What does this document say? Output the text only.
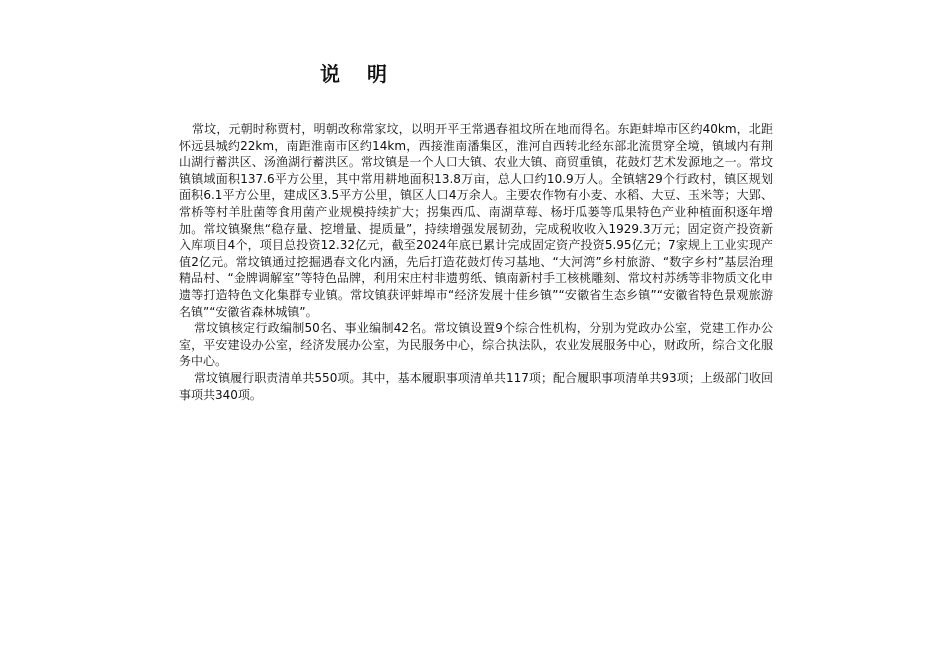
说 明

常坟，元朝时称贾村，明朝改称常家坟，以明开平王常遇春祖坟所在地而得名。东距蚌埠市区约40km，北距怀远县城约22km，南距淮南市区约14km，西接淮南潘集区，淮河自西转北经东部北流贯穿全境，镇域内有荆山湖行蓄洪区、汤渔湖行蓄洪区。常坟镇是一个人口大镇、农业大镇、商贸重镇，花鼓灯艺术发源地之一。常坟镇镇域面积137.6平方公里，其中常用耕地面积13.8万亩，总人口约10.9万人。全镇辖29个行政村，镇区规划面积6.1平方公里，建成区3.5平方公里，镇区人口4万余人。主要农作物有小麦、水稻、大豆、玉米等；大郢、常桥等村羊肚菌等食用菌产业规模持续扩大；拐集西瓜、南湖草莓、杨圩瓜蒌等瓜果特色产业种植面积逐年增加。常坟镇聚焦“稳存量、挖增量、提质量”，持续增强发展韧劲，完成税收收入1929.3万元；固定资产投资新入库项目4个，项目总投资12.32亿元，截至2024年底已累计完成固定资产投资5.95亿元；7家规上工业实现产值2亿元。常坟镇通过挖掘遇春文化内涵，先后打造花鼓灯传习基地、“大河湾”乡村旅游、“数字乡村”基层治理精品村、“金牌调解室”等特色品牌，利用宋庄村非遗剪纸、镇南新村手工核桃雕刻、常坟村苏绣等非物质文化申遗等打造特色文化集群专业镇。常坟镇获评蚌埠市“经济发展十佳乡镇”“安徽省生态乡镇”“安徽省特色景观旅游名镇”“安徽省森林城镇”。

常坟镇核定行政编制50名、事业编制42名。常坟镇设置9个综合性机构，分别为党政办公室，党建工作办公室，平安建设办公室，经济发展办公室，为民服务中心，综合执法队，农业发展服务中心，财政所，综合文化服务中心。

常坟镇履行职责清单共550项。其中，基本履职事项清单共117项；配合履职事项清单共93项；上级部门收回事项共340项。
